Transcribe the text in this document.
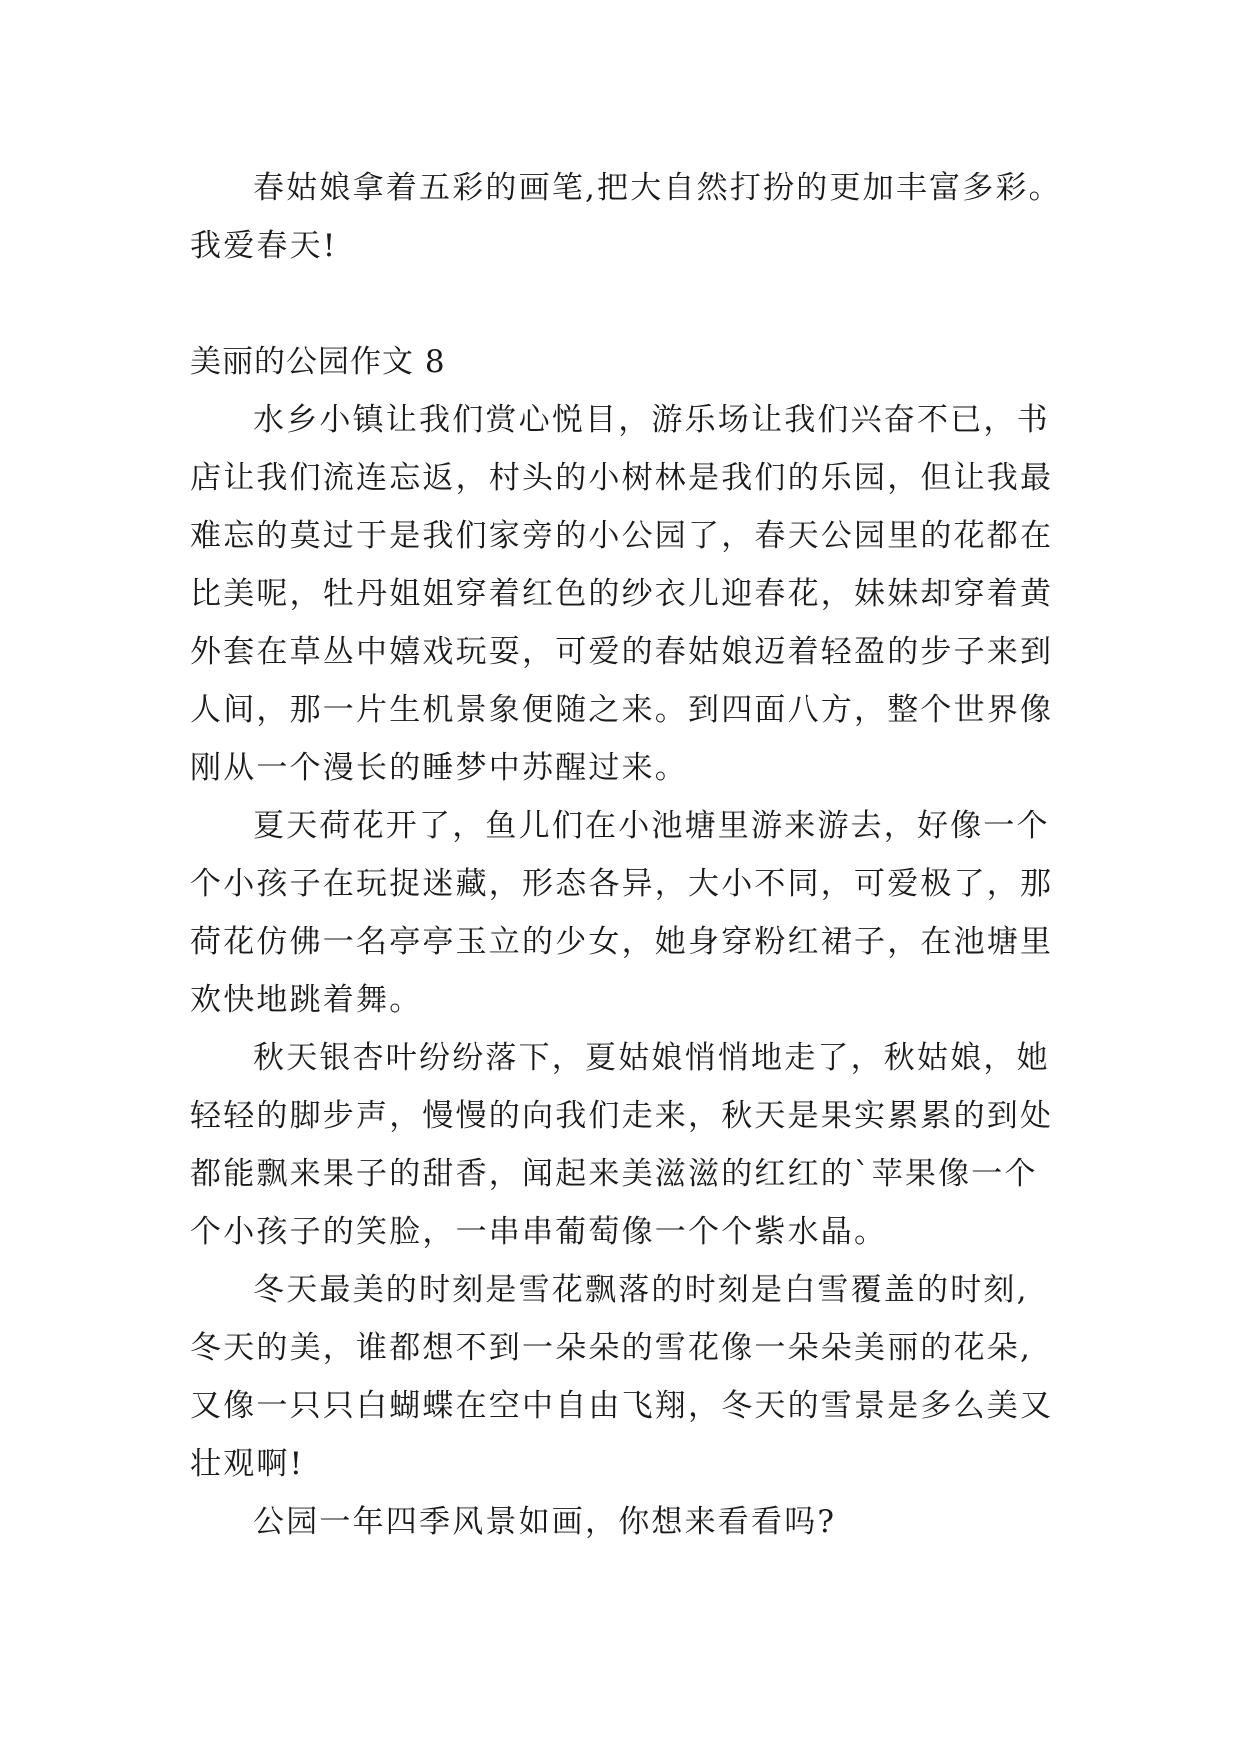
春姑娘拿着五彩的画笔,把大自然打扮的更加丰富多彩。
我爱春天!
美丽的公园作文 8
水乡小镇让我们赏心悦目，游乐场让我们兴奋不已，书
店让我们流连忘返，村头的小树林是我们的乐园，但让我最
难忘的莫过于是我们家旁的小公园了，春天公园里的花都在
比美呢，牡丹姐姐穿着红色的纱衣儿迎春花，妹妹却穿着黄
外套在草丛中嬉戏玩耍，可爱的春姑娘迈着轻盈的步子来到
人间，那一片生机景象便随之来。到四面八方，整个世界像
刚从一个漫长的睡梦中苏醒过来。
夏天荷花开了，鱼儿们在小池塘里游来游去，好像一个
个小孩子在玩捉迷藏，形态各异，大小不同，可爱极了，那
荷花仿佛一名亭亭玉立的少女，她身穿粉红裙子，在池塘里
欢快地跳着舞。
秋天银杏叶纷纷落下，夏姑娘悄悄地走了，秋姑娘，她
轻轻的脚步声，慢慢的向我们走来，秋天是果实累累的到处
都能飘来果子的甜香，闻起来美滋滋的红红的`苹果像一个
个小孩子的笑脸，一串串葡萄像一个个紫水晶。
冬天最美的时刻是雪花飘落的时刻是白雪覆盖的时刻,
冬天的美，谁都想不到一朵朵的雪花像一朵朵美丽的花朵,
又像一只只白蝴蝶在空中自由飞翔，冬天的雪景是多么美又
壮观啊!
公园一年四季风景如画，你想来看看吗?
